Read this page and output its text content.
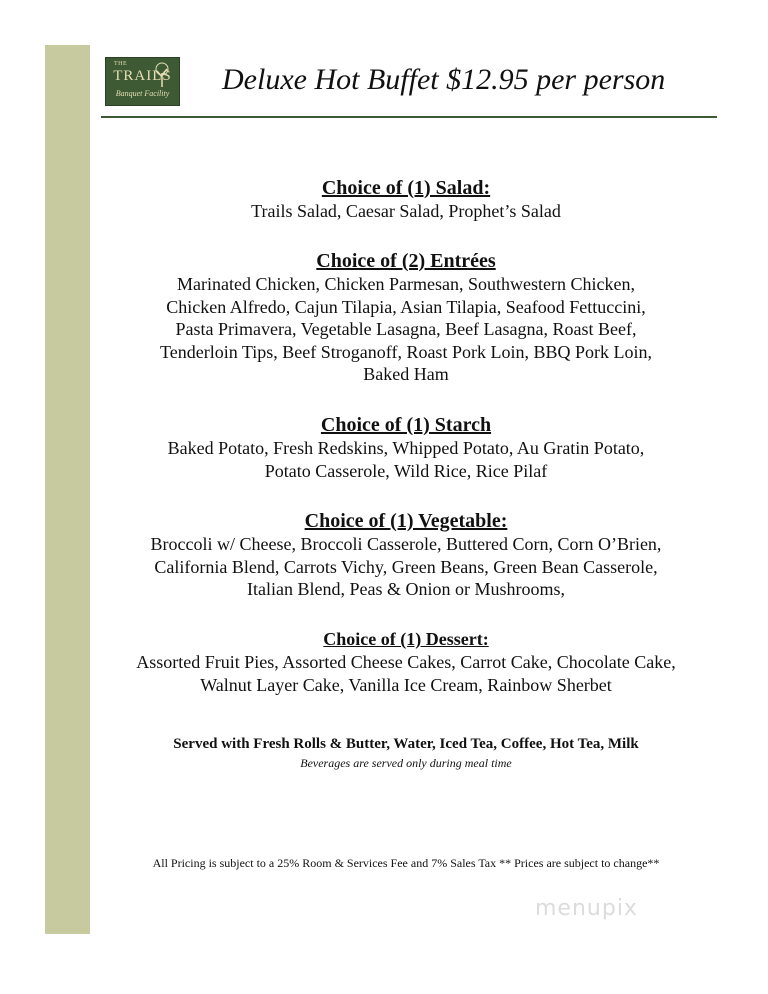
THE
TRAILS
Banquet Facility	Deluxe Hot Buffet $12.95 per person
Choice of (1) Salad:

Trails Salad, Caesar Salad, Prophet’s Salad

Choice of (2) Entrées

Marinated Chicken, Chicken Parmesan, Southwestern Chicken,

Chicken Alfredo, Cajun Tilapia, Asian Tilapia, Seafood Fettuccini,

Pasta Primavera, Vegetable Lasagna, Beef Lasagna, Roast Beef,

Tenderloin Tips, Beef Stroganoff, Roast Pork Loin, BBQ Pork Loin,

Baked Ham

Choice of (1) Starch

Baked Potato, Fresh Redskins, Whipped Potato, Au Gratin Potato,

Potato Casserole, Wild Rice, Rice Pilaf

Choice of (1) Vegetable:

Broccoli w/ Cheese, Broccoli Casserole, Buttered Corn, Corn O’Brien,

California Blend, Carrots Vichy, Green Beans, Green Bean Casserole,

Italian Blend, Peas & Onion or Mushrooms,

Choice of (1) Dessert:

Assorted Fruit Pies, Assorted Cheese Cakes, Carrot Cake, Chocolate Cake,

Walnut Layer Cake, Vanilla Ice Cream, Rainbow Sherbet

Served with Fresh Rolls & Butter, Water, Iced Tea, Coffee, Hot Tea, Milk
Beverages are served only during meal time
All Pricing is subject to a 25% Room & Services Fee and 7% Sales Tax ** Prices are subject to change**
menupix
